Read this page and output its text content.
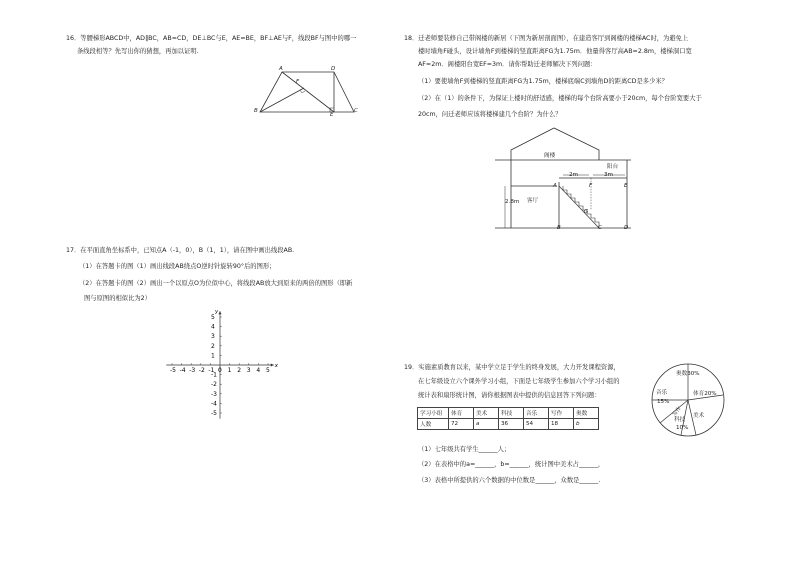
16．等腰梯形ABCD中，AD∥BC，AB=CD，DE⊥BC与E，AE=BE，BF⊥AE与F，线段BF与图中的哪一
条线段相等？先写出你的猜想，再加以证明.
A	D
F
B
E
C
17．在平面直角坐标系中，已知点A（-1，0），B（1，1），请在图中画出线段AB.
（1）在答题卡的图（1）画出线段AB绕点O逆时针旋转90°后的图形；
（2）在答题卡的图（2）画出一个以原点O为位似中心，将线段AB放大到原来的两倍的图形（即新
图与原图的相似比为2）
x
y
-5 -4 -3 -2 -1 0 1 2 3 4 5
5
4
3
2
1
-1
-2
-3
-4
-5
18．迁老师要装修自己带阁楼的新居（下图为新居剖面图），在建造客厅到阁楼的楼梯AC时，为避免上
楼时墙角F碰头，设计墙角F到楼梯的竖直距离FG为1.75m．他量得客厅高AB=2.8m，楼梯洞口宽
AF=2m．阁楼阳台宽EF=3m．请你帮助迁老师解决下列问题：
（1）要使墙角F到楼梯的竖直距离FG为1.75m，楼梯底端C到墙角D的距离CD是多少米？
（2）在（1）的条件下，为保证上楼时的舒适感，楼梯的每个台阶高要小于20cm，每个台阶宽要大于
20cm，问迁老师应该将楼梯建几个台阶？为什么？
阁楼
阳台
客厅
2m	3m
2.8m
A	F	E
G
B	C	D
19．实施素质教育以来，某中学立足于学生的终身发展，大力开发课程资源，
在七年级设立六个课外学习小组，下面是七年级学生参加六个学习小组的
统计表和扇形统计图，请你根据图表中提供的信息回答下列问题：
学习小组	体育	美术	科技	音乐	写作	奥数
人数	72	a	36	54	18	b
（1）七年级共有学生______人；
（2）在表格中的a=______，b=______，统计图中美术占______，
（3）表格中所提供的六个数据的中位数是______，众数是______.
奥数30%
体育20%
美术
音乐
15%
写作
科技
10%
